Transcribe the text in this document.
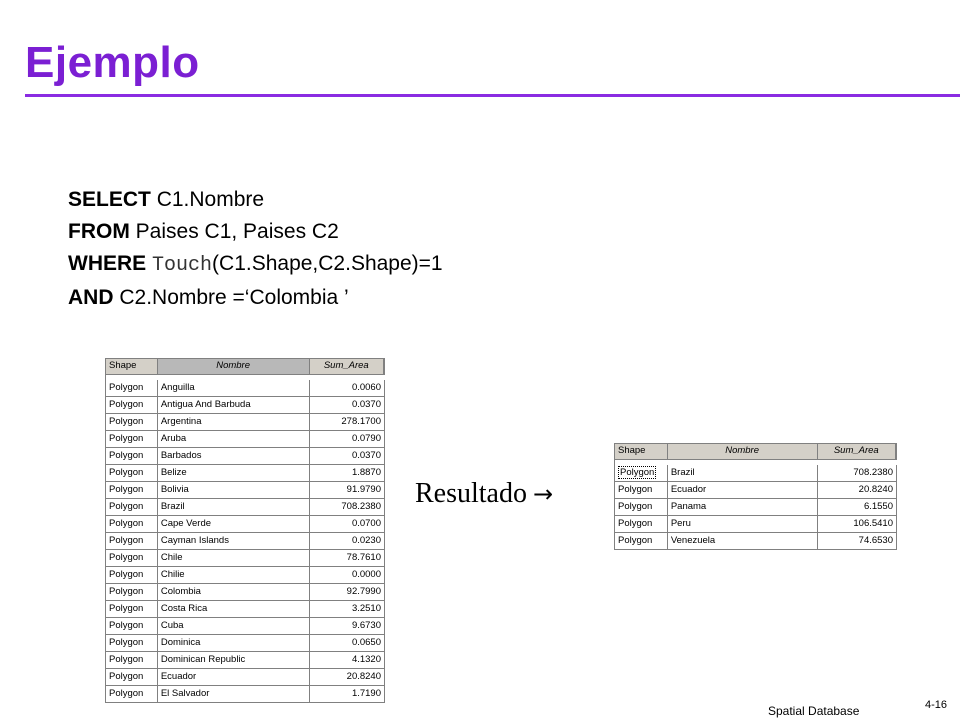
Ejemplo
SELECT C1.Nombre
FROM Paises C1, Paises C2
WHERE Touch(C1.Shape,C2.Shape)=1
AND C2.Nombre =‘Colombia ’
Shape	Nombre	Sum_Area
Polygon	Anguilla	0.0060
Polygon	Antigua And Barbuda	0.0370
Polygon	Argentina	278.1700
Polygon	Aruba	0.0790
Polygon	Barbados	0.0370
Polygon	Belize	1.8870
Polygon	Bolivia	91.9790
Polygon	Brazil	708.2380
Polygon	Cape Verde	0.0700
Polygon	Cayman Islands	0.0230
Polygon	Chile	78.7610
Polygon	Chilie	0.0000
Polygon	Colombia	92.7990
Polygon	Costa Rica	3.2510
Polygon	Cuba	9.6730
Polygon	Dominica	0.0650
Polygon	Dominican Republic	4.1320
Polygon	Ecuador	20.8240
Polygon	El Salvador	1.7190
Resultado →
Shape	Nombre	Sum_Area
Polygon	Brazil	708.2380
Polygon	Ecuador	20.8240
Polygon	Panama	6.1550
Polygon	Peru	106.5410
Polygon	Venezuela	74.6530
Spatial Database	4-16
